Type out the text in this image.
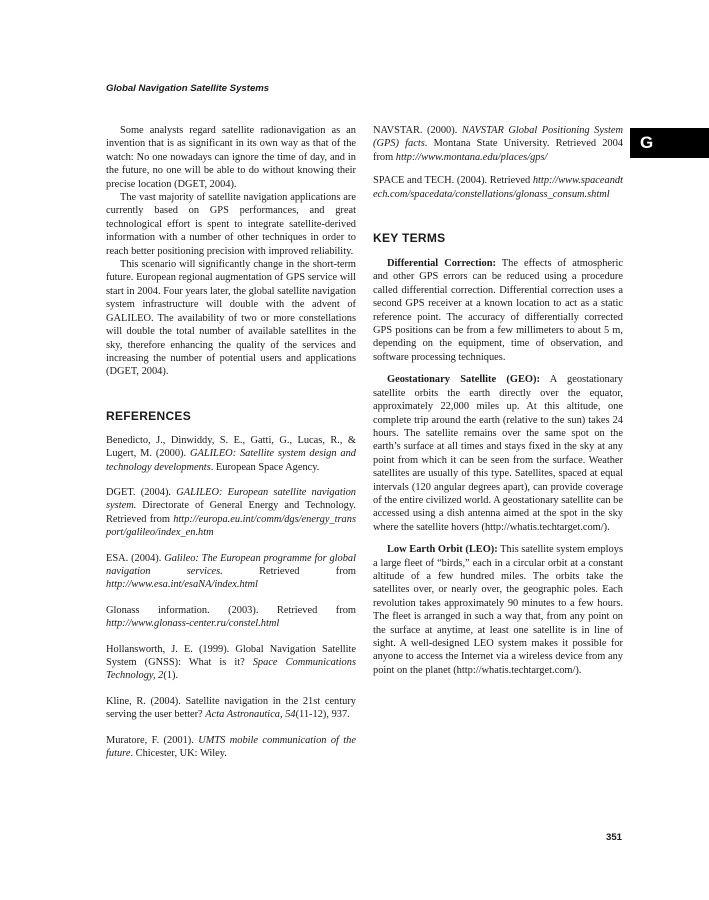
Global Navigation Satellite Systems

Some analysts regard satellite radionavigation as an invention that is as significant in its own way as that of the watch: No one nowadays can ignore the time of day, and in the future, no one will be able to do without knowing their precise location (DGET, 2004).

The vast majority of satellite navigation applications are currently based on GPS performances, and great technological effort is spent to integrate satellite-derived information with a number of other techniques in order to reach better positioning precision with improved reliability.

This scenario will significantly change in the short-term future. European regional augmentation of GPS service will start in 2004. Four years later, the global satellite navigation system infrastructure will double with the advent of GALILEO. The availability of two or more constellations will double the total number of available satellites in the sky, therefore enhancing the quality of the services and increasing the number of potential users and applications (DGET, 2004).

REFERENCES

Benedicto, J., Dinwiddy, S. E., Gatti, G., Lucas, R., & Lugert, M. (2000). GALILEO: Satellite system design and technology developments. European Space Agency.

DGET. (2004). GALILEO: European satellite navigation system. Directorate of General Energy and Technology. Retrieved from http://europa.eu.int/comm/dgs/energy_transport/galileo/index_en.htm

ESA. (2004). Galileo: The European programme for global navigation services. Retrieved from http://www.esa.int/esaNA/index.html

Glonass information. (2003). Retrieved from http://www.glonass-center.ru/constel.html

Hollansworth, J. E. (1999). Global Navigation Satellite System (GNSS): What is it? Space Communications Technology, 2(1).

Kline, R. (2004). Satellite navigation in the 21st century serving the user better? Acta Astronautica, 54(11-12), 937.

Muratore, F. (2001). UMTS mobile communication of the future. Chicester, UK: Wiley.

NAVSTAR. (2000). NAVSTAR Global Positioning System (GPS) facts. Montana State University. Retrieved 2004 from http://www.montana.edu/places/gps/

SPACE and TECH. (2004). Retrieved http://www.spaceandtech.com/spacedata/constellations/glonass_consum.shtml

KEY TERMS

Differential Correction: The effects of atmospheric and other GPS errors can be reduced using a procedure called differential correction. Differential correction uses a second GPS receiver at a known location to act as a static reference point. The accuracy of differentially corrected GPS positions can be from a few millimeters to about 5 m, depending on the equipment, time of observation, and software processing techniques.

Geostationary Satellite (GEO): A geostationary satellite orbits the earth directly over the equator, approximately 22,000 miles up. At this altitude, one complete trip around the earth (relative to the sun) takes 24 hours. The satellite remains over the same spot on the earth’s surface at all times and stays fixed in the sky at any point from which it can be seen from the surface. Weather satellites are usually of this type. Satellites, spaced at equal intervals (120 angular degrees apart), can provide coverage of the entire civilized world. A geostationary satellite can be accessed using a dish antenna aimed at the spot in the sky where the satellite hovers (http://whatis.techtarget.com/).

Low Earth Orbit (LEO): This satellite system employs a large fleet of “birds,” each in a circular orbit at a constant altitude of a few hundred miles. The orbits take the satellites over, or nearly over, the geographic poles. Each revolution takes approximately 90 minutes to a few hours. The fleet is arranged in such a way that, from any point on the surface at anytime, at least one satellite is in line of sight. A well-designed LEO system makes it possible for anyone to access the Internet via a wireless device from any point on the planet (http://whatis.techtarget.com/).

G
351
